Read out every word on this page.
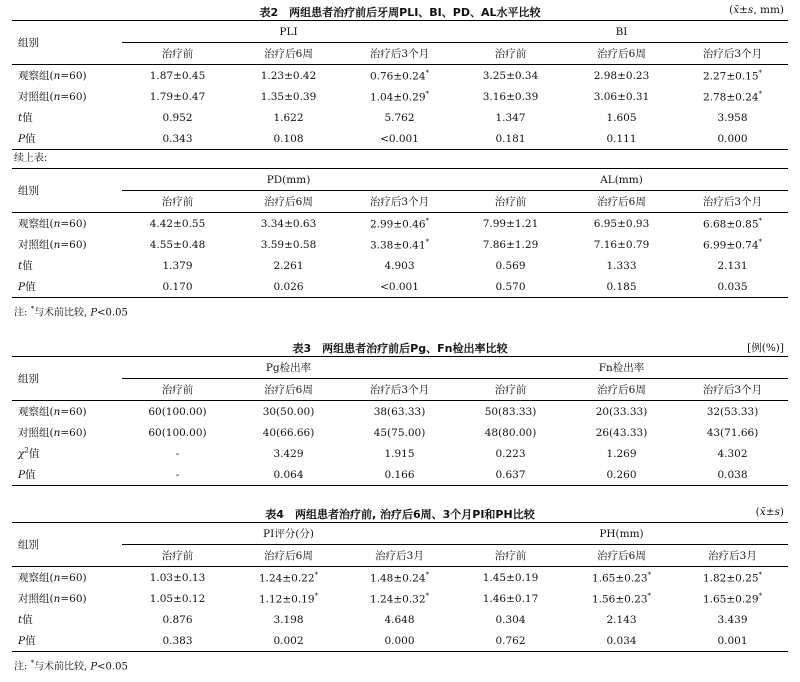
表2　两组患者治疗前后牙周PLI、BI、PD、AL水平比较	(x̄±s, mm)
组别	PLI			BI		
	治疗前	治疗后6周	治疗后3个月	治疗前	治疗后6周	治疗后3个月
观察组(n=60)	1.87±0.45	1.23±0.42	0.76±0.24*	3.25±0.34	2.98±0.23	2.27±0.15*
对照组(n=60)	1.79±0.47	1.35±0.39	1.04±0.29*	3.16±0.39	3.06±0.31	2.78±0.24*
t值	0.952	1.622	5.762	1.347	1.605	3.958
P值	0.343	0.108	<0.001	0.181	0.111	0.000
续上表:
组别	PD(mm)			AL(mm)		
	治疗前	治疗后6周	治疗后3个月	治疗前	治疗后6周	治疗后3个月
观察组(n=60)	4.42±0.55	3.34±0.63	2.99±0.46*	7.99±1.21	6.95±0.93	6.68±0.85*
对照组(n=60)	4.55±0.48	3.59±0.58	3.38±0.41*	7.86±1.29	7.16±0.79	6.99±0.74*
t值	1.379	2.261	4.903	0.569	1.333	2.131
P值	0.170	0.026	<0.001	0.570	0.185	0.035
注: *与术前比较, P<0.05
表3　两组患者治疗前后Pg、Fn检出率比较	[例(%)]
组别	Pg检出率			Fn检出率		
	治疗前	治疗后6周	治疗后3个月	治疗前	治疗后6周	治疗后3个月
观察组(n=60)	60(100.00)	30(50.00)	38(63.33)	50(83.33)	20(33.33)	32(53.33)
对照组(n=60)	60(100.00)	40(66.66)	45(75.00)	48(80.00)	26(43.33)	43(71.66)
$\chi^2$值	-	3.429	1.915	0.223	1.269	4.302
P值	-	0.064	0.166	0.637	0.260	0.038
表4　两组患者治疗前, 治疗后6周、3个月PI和PH比较	(x̄±s)
组别	PI评分(分)			PH(mm)		
	治疗前	治疗后6周	治疗后3月	治疗前	治疗后6周	治疗后3月
观察组(n=60)	1.03±0.13	1.24±0.22*	1.48±0.24*	1.45±0.19	1.65±0.23*	1.82±0.25*
对照组(n=60)	1.05±0.12	1.12±0.19*	1.24±0.32*	1.46±0.17	1.56±0.23*	1.65±0.29*
t值	0.876	3.198	4.648	0.304	2.143	3.439
P值	0.383	0.002	0.000	0.762	0.034	0.001
注: *与术前比较, P<0.05
